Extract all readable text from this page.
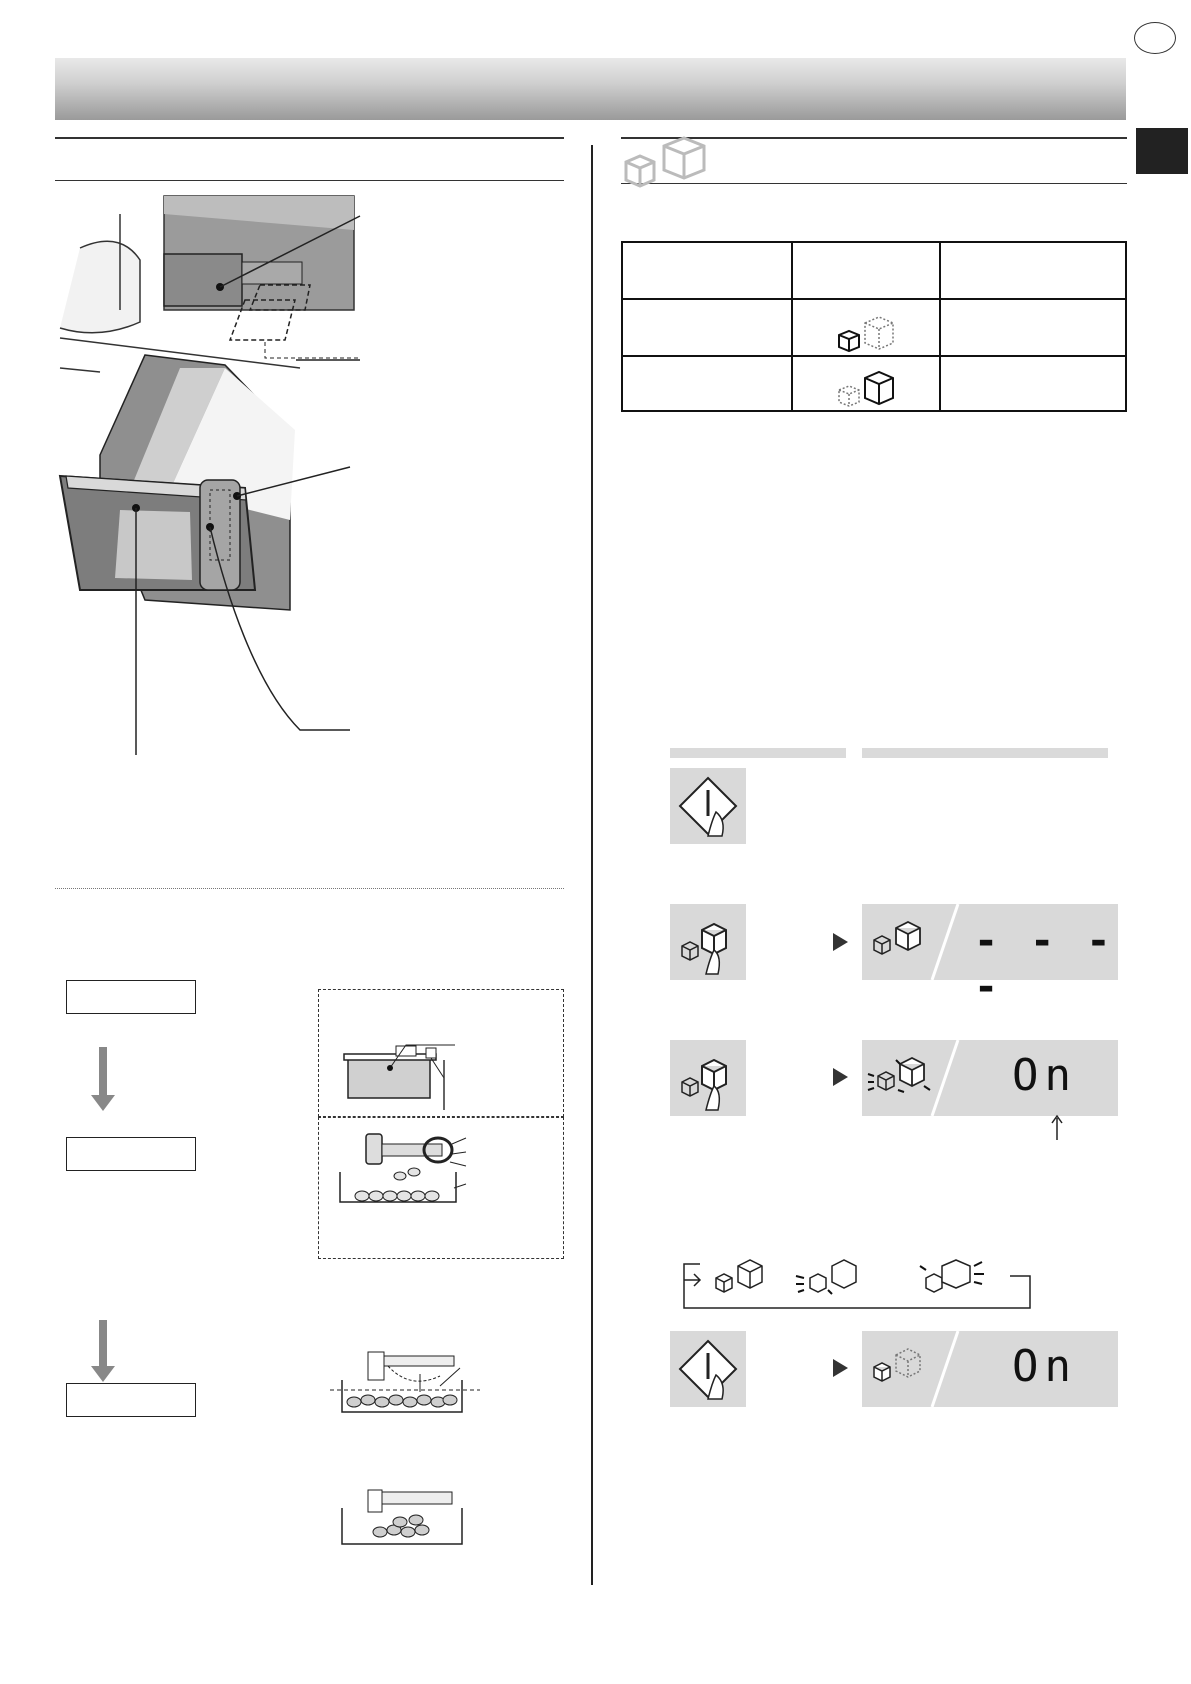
- - - -
On
On
